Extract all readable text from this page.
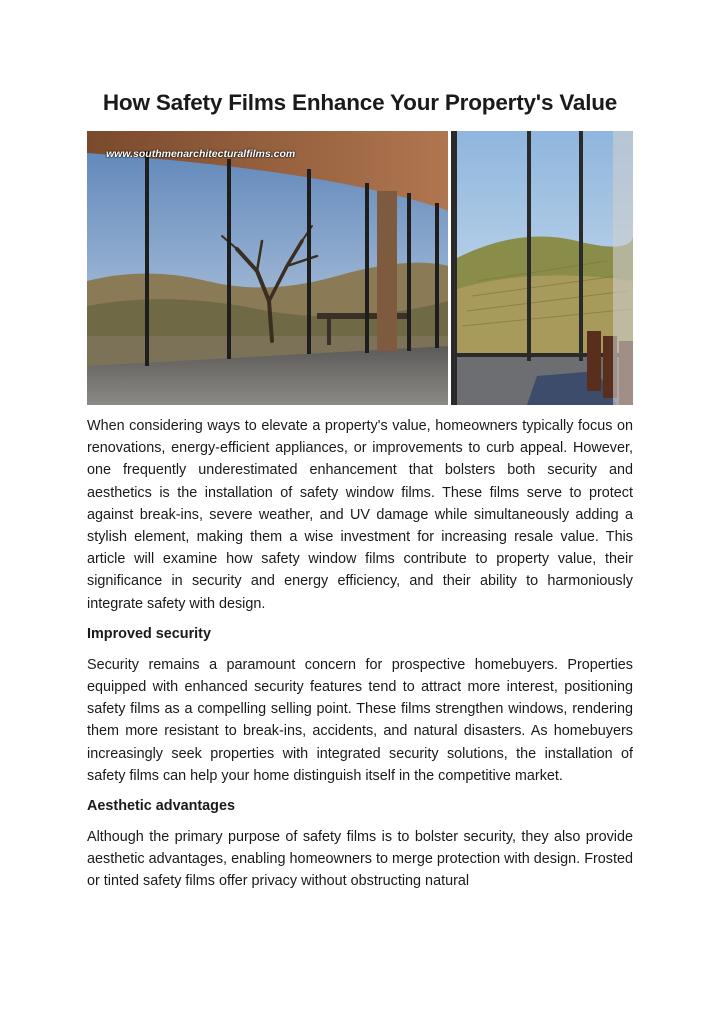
How Safety Films Enhance Your Property's Value
www.southmenarchitecturalfilms.com

When considering ways to elevate a property's value, homeowners typically focus on renovations, energy-efficient appliances, or improvements to curb appeal. However, one frequently underestimated enhancement that bolsters both security and aesthetics is the installation of safety window films. These films serve to protect against break-ins, severe weather, and UV damage while simultaneously adding a stylish element, making them a wise investment for increasing resale value. This article will examine how safety window films contribute to property value, their significance in security and energy efficiency, and their ability to harmoniously integrate safety with design.

Improved security

Security remains a paramount concern for prospective homebuyers. Properties equipped with enhanced security features tend to attract more interest, positioning safety films as a compelling selling point. These films strengthen windows, rendering them more resistant to break-ins, accidents, and natural disasters. As homebuyers increasingly seek properties with integrated security solutions, the installation of safety films can help your home distinguish itself in the competitive market.

Aesthetic advantages

Although the primary purpose of safety films is to bolster security, they also provide aesthetic advantages, enabling homeowners to merge protection with design. Frosted or tinted safety films offer privacy without obstructing natural
